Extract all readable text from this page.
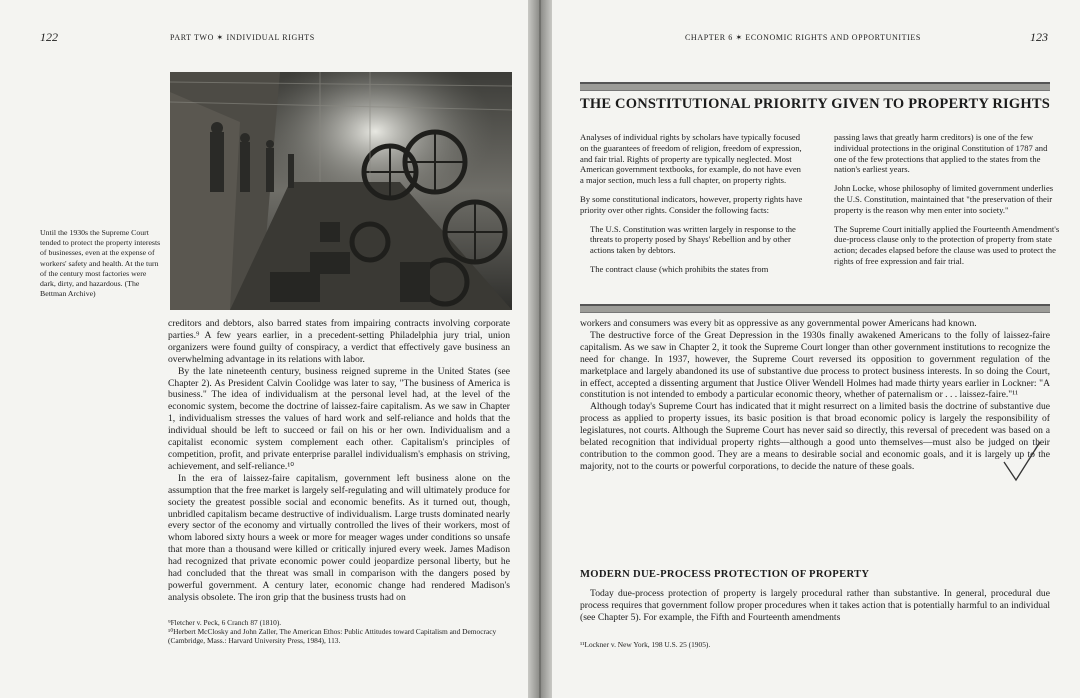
122	PART TWO ✶ INDIVIDUAL RIGHTS
Until the 1930s the Supreme Court tended to protect the property interests of businesses, even at the expense of workers' safety and health. At the turn of the century most factories were dark, dirty, and hazardous. (The Bettman Archive)

creditors and debtors, also barred states from impairing contracts involving corporate parties.⁹ A few years earlier, in a precedent-setting Philadelphia jury trial, union organizers were found guilty of conspiracy, a verdict that effectively gave business an overwhelming advantage in its relations with labor.

By the late nineteenth century, business reigned supreme in the United States (see Chapter 2). As President Calvin Coolidge was later to say, "The business of America is business." The idea of individualism at the personal level had, at the level of the economic system, become the doctrine of laissez-faire capitalism. As we saw in Chapter 1, individualism stresses the values of hard work and self-reliance and holds that the individual should be left to succeed or fail on his or her own. Individualism and a capitalist economic system complement each other. Capitalism's principles of competition, profit, and private enterprise parallel individualism's emphasis on striving, achievement, and self-reliance.¹⁰

In the era of laissez-faire capitalism, government left business alone on the assumption that the free market is largely self-regulating and will ultimately produce for society the greatest possible social and economic benefits. As it turned out, though, unbridled capitalism became destructive of individualism. Large trusts dominated nearly every sector of the economy and virtually controlled the lives of their workers, most of whom labored sixty hours a week or more for meager wages under conditions so unsafe that more than a thousand were killed or critically injured every week. James Madison had recognized that private economic power could jeopardize personal liberty, but he had concluded that the threat was small in comparison with the dangers posed by powerful government. A century later, economic change had rendered Madison's analysis obsolete. The iron grip that the business trusts had on

⁹Fletcher v. Peck, 6 Cranch 87 (1810).
¹⁰Herbert McClosky and John Zaller, The American Ethos: Public Attitudes toward Capitalism and Democracy (Cambridge, Mass.: Harvard University Press, 1984), 113.
CHAPTER 6 ✶ ECONOMIC RIGHTS AND OPPORTUNITIES	123
THE CONSTITUTIONAL PRIORITY GIVEN TO PROPERTY RIGHTS

Analyses of individual rights by scholars have typically focused on the guarantees of freedom of religion, freedom of expression, and fair trial. Rights of property are typically neglected. Most American government textbooks, for example, do not have even a major section, much less a full chapter, on property rights.

By some constitutional indicators, however, property rights have priority over other rights. Consider the following facts:

The U.S. Constitution was written largely in response to the threats to property posed by Shays' Rebellion and by other actions taken by debtors.

The contract clause (which prohibits the states from

passing laws that greatly harm creditors) is one of the few individual protections in the original Constitution of 1787 and one of the few protections that applied to the states from the nation's earliest years.

John Locke, whose philosophy of limited government underlies the U.S. Constitution, maintained that "the preservation of their property is the reason why men enter into society."

The Supreme Court initially applied the Fourteenth Amendment's due-process clause only to the protection of property from state action; decades elapsed before the clause was used to protect the rights of free expression and fair trial.

workers and consumers was every bit as oppressive as any governmental power Americans had known.

The destructive force of the Great Depression in the 1930s finally awakened Americans to the folly of laissez-faire capitalism. As we saw in Chapter 2, it took the Supreme Court longer than other government institutions to recognize the need for change. In 1937, however, the Supreme Court reversed its opposition to government regulation of the marketplace and largely abandoned its use of substantive due process to protect business interests. In so doing the Court, in effect, accepted a dissenting argument that Justice Oliver Wendell Holmes had made thirty years earlier in Lockner: "A constitution is not intended to embody a particular economic theory, whether of paternalism or . . . laissez-faire."¹¹

Although today's Supreme Court has indicated that it might resurrect on a limited basis the doctrine of substantive due process as applied to property issues, its basic position is that broad economic policy is largely the responsibility of legislatures, not courts. Although the Supreme Court has never said so directly, this reversal of precedent was based on a belated recognition that individual property rights—although a good unto themselves—must also be judged on their contribution to the common good. They are a means to desirable social and economic goals, and it is largely up to the majority, not to the courts or powerful corporations, to decide the nature of these goals.

MODERN DUE-PROCESS PROTECTION OF PROPERTY

Today due-process protection of property is largely procedural rather than substantive. In general, procedural due process requires that government follow proper procedures when it takes action that is potentially harmful to an individual (see Chapter 5). For example, the Fifth and Fourteenth amendments

¹¹Lockner v. New York, 198 U.S. 25 (1905).
